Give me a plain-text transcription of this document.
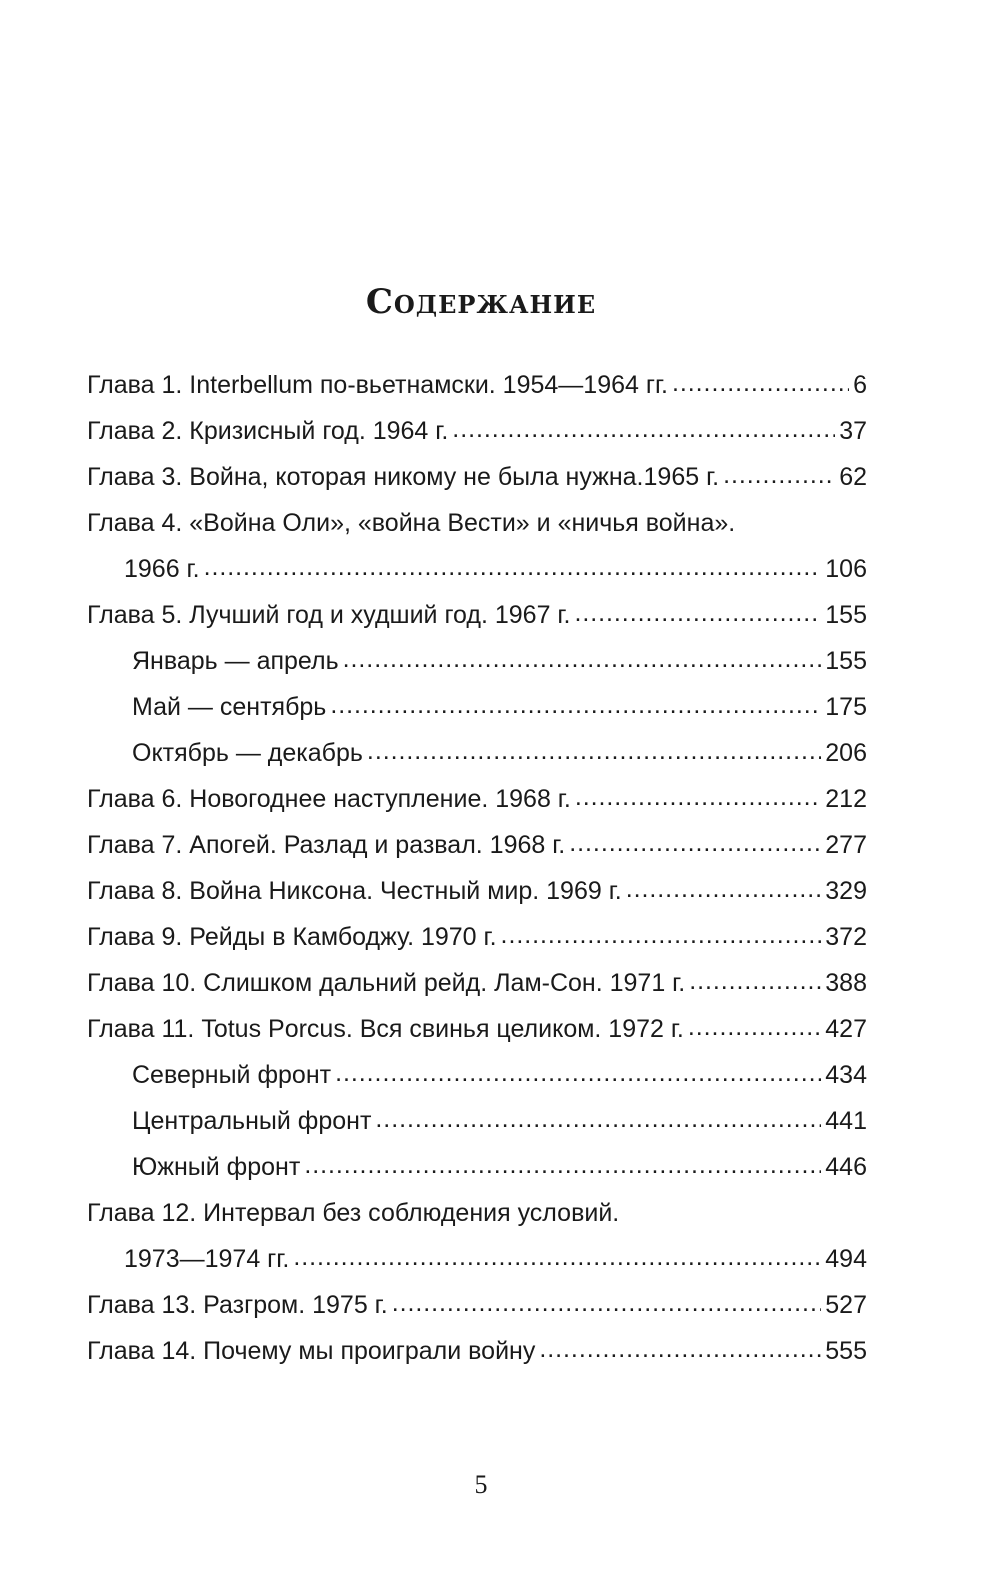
Содержание
Глава 1. Interbellum по-вьетнамски. 1954—1964 гг. . . .	6
Глава 2. Кризисный год. 1964 г. . . .	37
Глава 3. Война, которая никому не была нужна.1965 г. . . .	62
Глава 4. «Война Оли», «война Вести» и «ничья война».
1966 г. . . .	106
Глава 5. Лучший год и худший год. 1967 г. . . .	155
Январь — апрель . . .	155
Май — сентябрь . . .	175
Октябрь — декабрь . . .	206
Глава 6. Новогоднее наступление. 1968 г. . . .	212
Глава 7. Апогей. Разлад и развал. 1968 г. . . .	277
Глава 8. Война Никсона. Честный мир. 1969 г. . . .	329
Глава 9. Рейды в Камбоджу. 1970 г. . . .	372
Глава 10. Слишком дальний рейд. Лам-Сон. 1971 г. . . .	388
Глава 11. Totus Porcus. Вся свинья целиком. 1972 г. . . .	427
Северный фронт . . .	434
Центральный фронт . . .	441
Южный фронт . . .	446
Глава 12. Интервал без соблюдения условий.
1973—1974 гг. . . .	494
Глава 13. Разгром. 1975 г. . . .	527
Глава 14. Почему мы проиграли войну . . .	555
5
